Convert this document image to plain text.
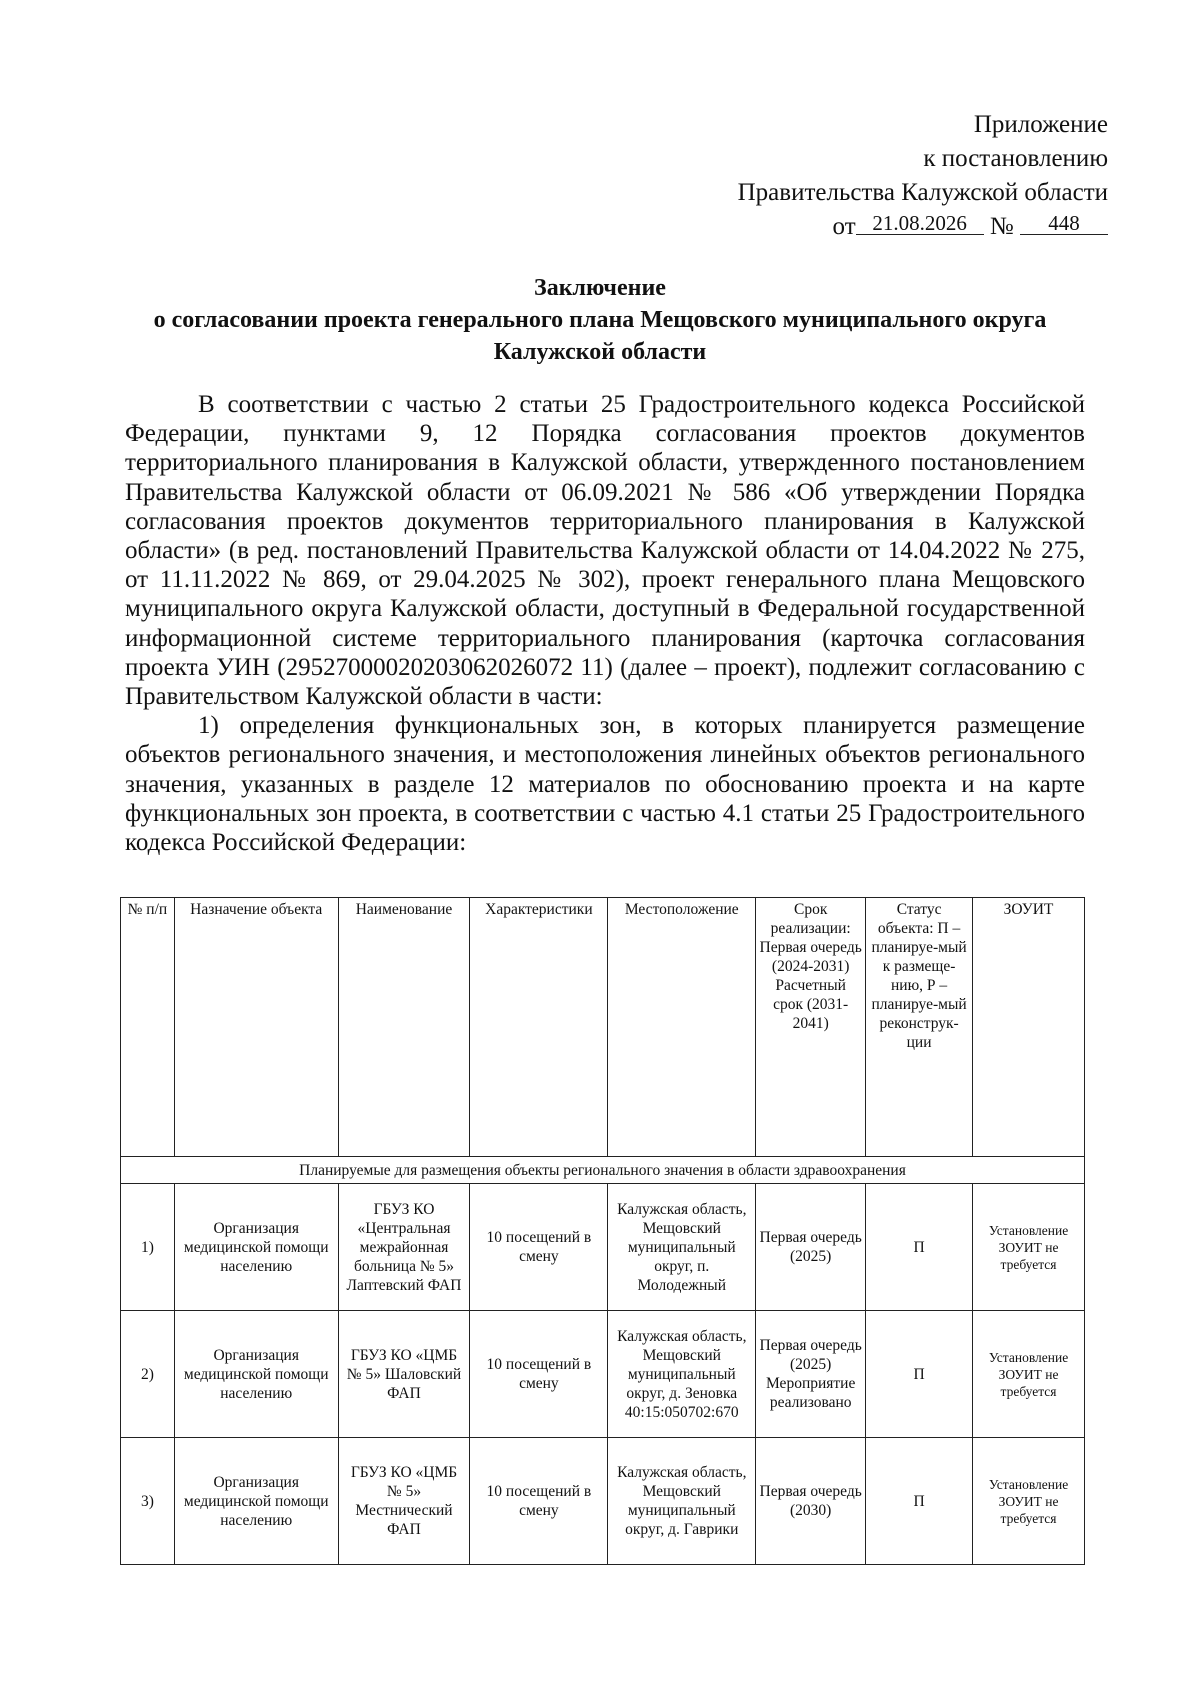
Приложение
к постановлению
Правительства Калужской области
от 21.08.2026 № 448
Заключение
о согласовании проекта генерального плана Мещовского муниципального округа
Калужской области

В соответствии с частью 2 статьи 25 Градостроительного кодекса Российской Федерации, пунктами 9, 12 Порядка согласования проектов документов территориального планирования в Калужской области, утвержденного постановлением Правительства Калужской области от 06.09.2021 № 586 «Об утверждении Порядка согласования проектов документов территориального планирования в Калужской области» (в ред. постановлений Правительства Калужской области от 14.04.2022 № 275, от 11.11.2022 № 869, от 29.04.2025 № 302), проект генерального плана Мещовского муниципального округа Калужской области, доступный в Федеральной государственной информационной системе территориального планирования (карточка согласования проекта УИН (29527000020203062026072 11) (далее – проект), подлежит согласованию с Правительством Калужской области в части:

1) определения функциональных зон, в которых планируется размещение объектов регионального значения, и местоположения линейных объектов регионального значения, указанных в разделе 12 материалов по обоснованию проекта и на карте функциональных зон проекта, в соответствии с частью 4.1 статьи 25 Градостроительного кодекса Российской Федерации:

№ п/п	Назначение объекта	Наименование	Характеристики	Местоположение	Срок реализации: Первая очередь (2024-2031) Расчетный срок (2031-2041)	Статус объекта: П – планируе-мый к размеще-нию, Р – планируе-мый реконструк-ции	ЗОУИТ
Планируемые для размещения объекты регионального значения в области здравоохранения							
1)	Организация медицинской помощи населению	ГБУЗ КО «Центральная межрайонная больница № 5» Лаптевский ФАП	10 посещений в смену	Калужская область, Мещовский муниципальный округ, п. Молодежный	Первая очередь (2025)	П	Установление ЗОУИТ не требуется
2)	Организация медицинской помощи населению	ГБУЗ КО «ЦМБ № 5» Шаловский ФАП	10 посещений в смену	Калужская область, Мещовский муниципальный округ, д. Зеновка 40:15:050702:670	Первая очередь (2025) Мероприятие реализовано	П	Установление ЗОУИТ не требуется
3)	Организация медицинской помощи населению	ГБУЗ КО «ЦМБ № 5» Местнический ФАП	10 посещений в смену	Калужская область, Мещовский муниципальный округ, д. Гаврики	Первая очередь (2030)	П	Установление ЗОУИТ не требуется
